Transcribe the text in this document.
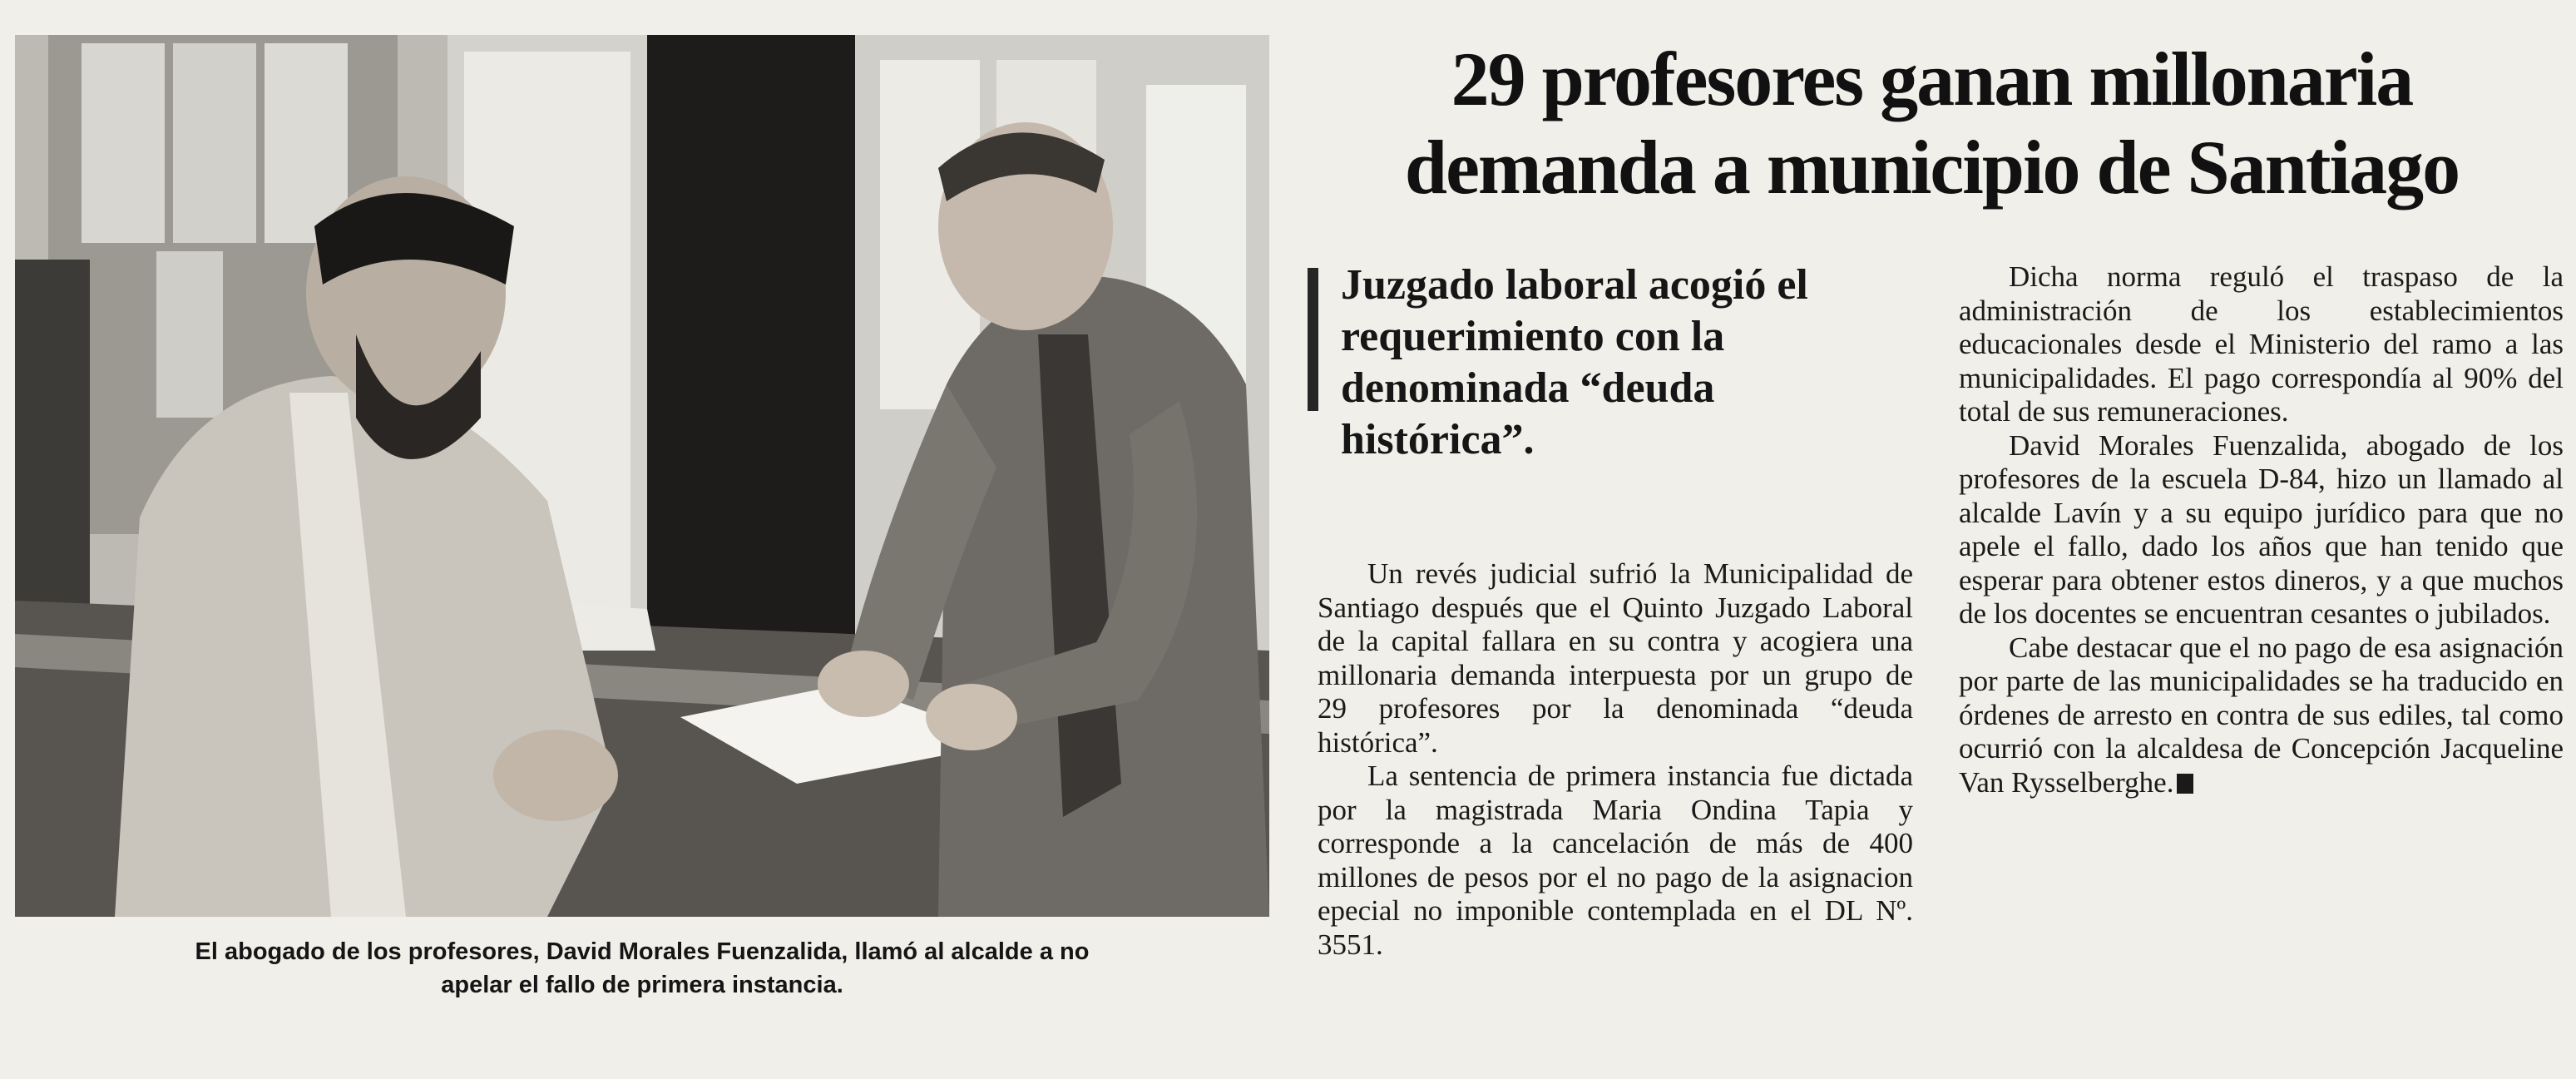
El abogado de los profesores, David Morales Fuenzalida, llamó al alcalde a no
apelar el fallo de primera instancia.
29 profesores ganan millonaria
demanda a municipio de Santiago
Juzgado laboral acogió el requerimiento con la denominada “deuda histórica”.

Un revés judicial sufrió la Municipalidad de Santiago después que el Quinto Juzgado Laboral de la capital fallara en su contra y acogiera una millonaria demanda interpuesta por un grupo de 29 profesores por la denominada “deuda histórica”.

La sentencia de primera instancia fue dictada por la magistrada Maria Ondina Tapia y corresponde a la cancelación de más de 400 millones de pesos por el no pago de la asignacion epecial no imponible contemplada en el DL Nº. 3551.

Dicha norma reguló el traspaso de la administración de los establecimientos educacionales desde el Ministerio del ramo a las municipalidades. El pago correspondía al 90% del total de sus remuneraciones.

David Morales Fuenzalida, abogado de los profesores de la escuela D-84, hizo un llamado al alcalde Lavín y a su equipo jurídico para que no apele el fallo, dado los años que han tenido que esperar para obtener estos dineros, y a que muchos de los docentes se encuentran cesantes o jubilados.

Cabe destacar que el no pago de esa asignación por parte de las municipalidades se ha traducido en órdenes de arresto en contra de sus ediles, tal como ocurrió con la alcaldesa de Concepción Jacqueline Van Rysselberghe.
